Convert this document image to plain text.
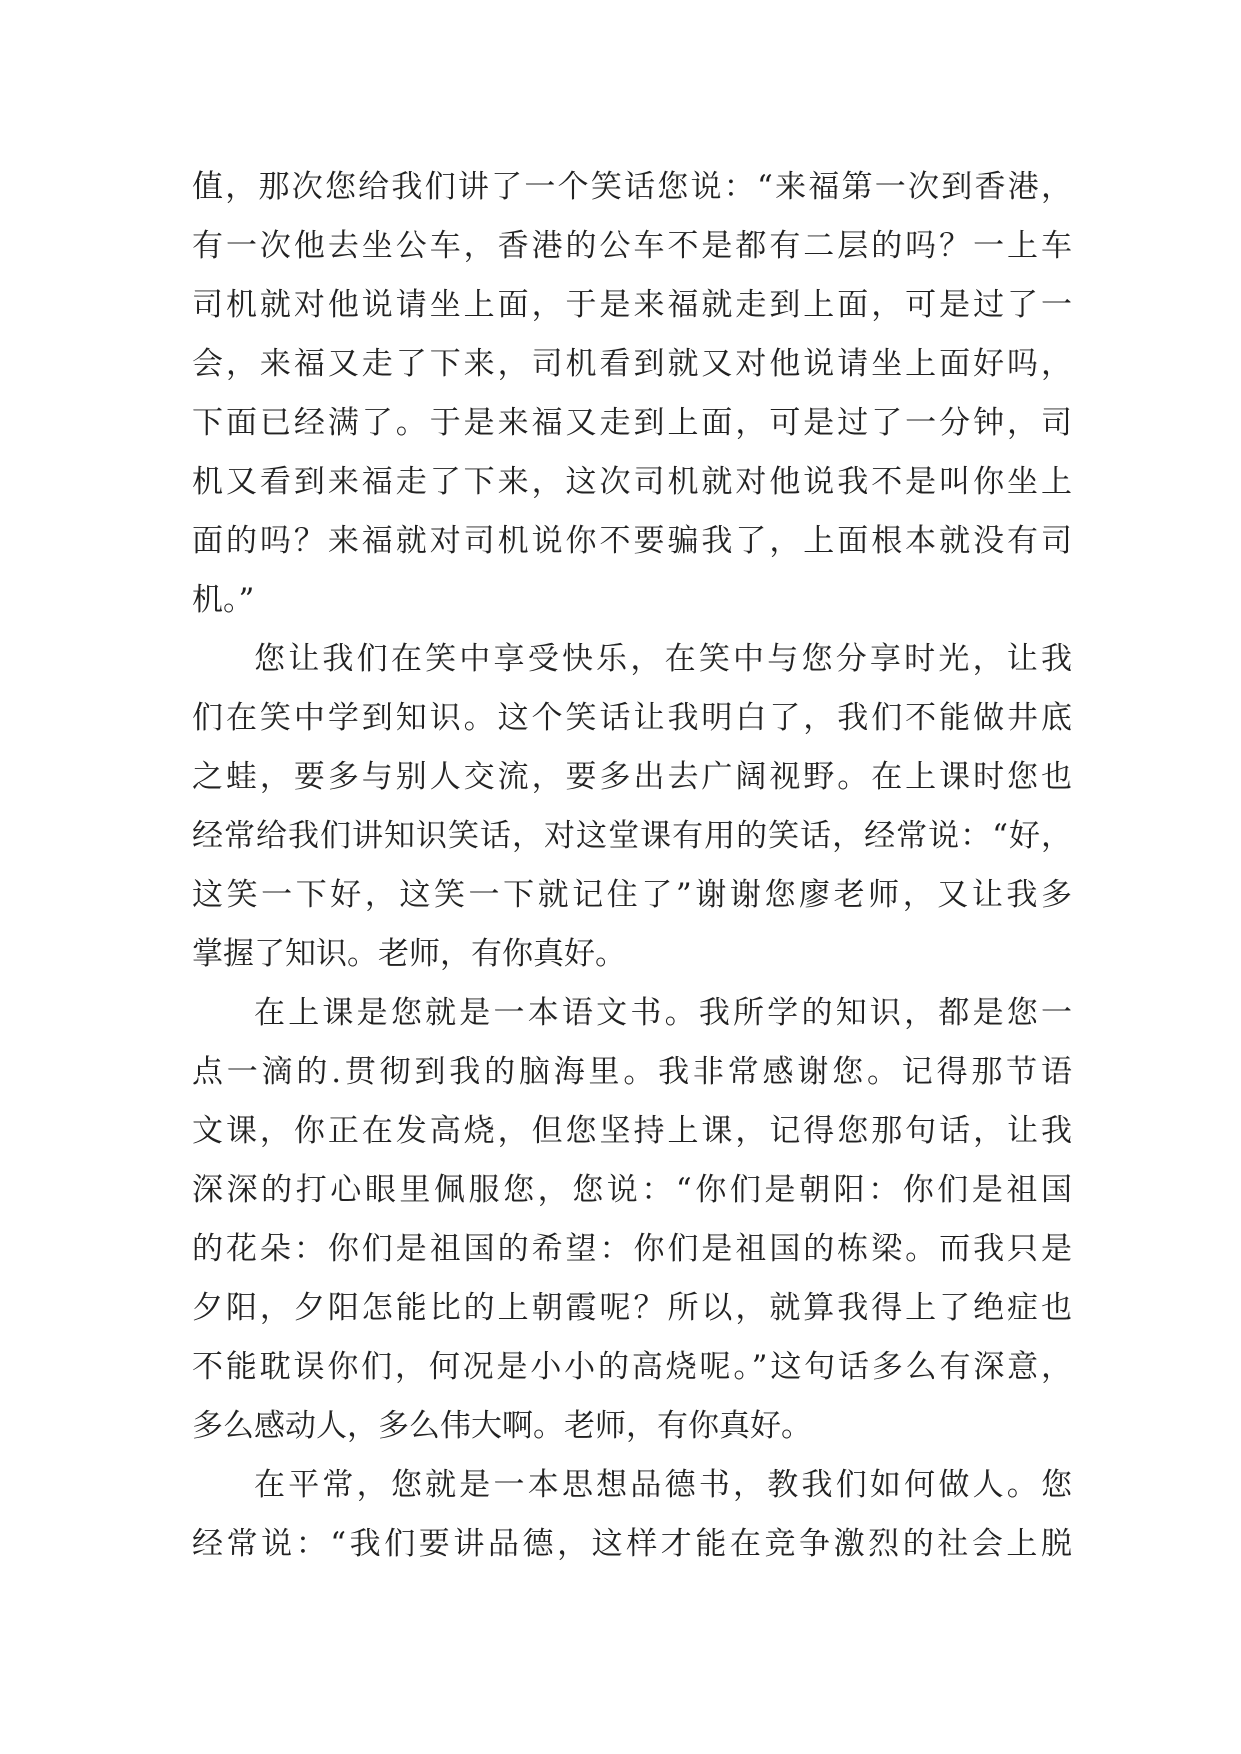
值，那次您给我们讲了一个笑话您说：“来福第一次到香港，
有一次他去坐公车，香港的公车不是都有二层的吗？一上车
司机就对他说请坐上面，于是来福就走到上面，可是过了一
会，来福又走了下来，司机看到就又对他说请坐上面好吗，
下面已经满了。于是来福又走到上面，可是过了一分钟，司
机又看到来福走了下来，这次司机就对他说我不是叫你坐上
面的吗？来福就对司机说你不要骗我了，上面根本就没有司
机。”
您让我们在笑中享受快乐，在笑中与您分享时光，让我
们在笑中学到知识。这个笑话让我明白了，我们不能做井底
之蛙，要多与别人交流，要多出去广阔视野。在上课时您也
经常给我们讲知识笑话，对这堂课有用的笑话，经常说：“好，
这笑一下好，这笑一下就记住了”谢谢您廖老师，又让我多
掌握了知识。老师，有你真好。
在上课是您就是一本语文书。我所学的知识，都是您一
点一滴的.贯彻到我的脑海里。我非常感谢您。记得那节语
文课，你正在发高烧，但您坚持上课，记得您那句话，让我
深深的打心眼里佩服您，您说：“你们是朝阳：你们是祖国
的花朵：你们是祖国的希望：你们是祖国的栋梁。而我只是
夕阳，夕阳怎能比的上朝霞呢？所以，就算我得上了绝症也
不能耽误你们，何况是小小的高烧呢。”这句话多么有深意，
多么感动人，多么伟大啊。老师，有你真好。
在平常，您就是一本思想品德书，教我们如何做人。您
经常说：“我们要讲品德，这样才能在竞争激烈的社会上脱
